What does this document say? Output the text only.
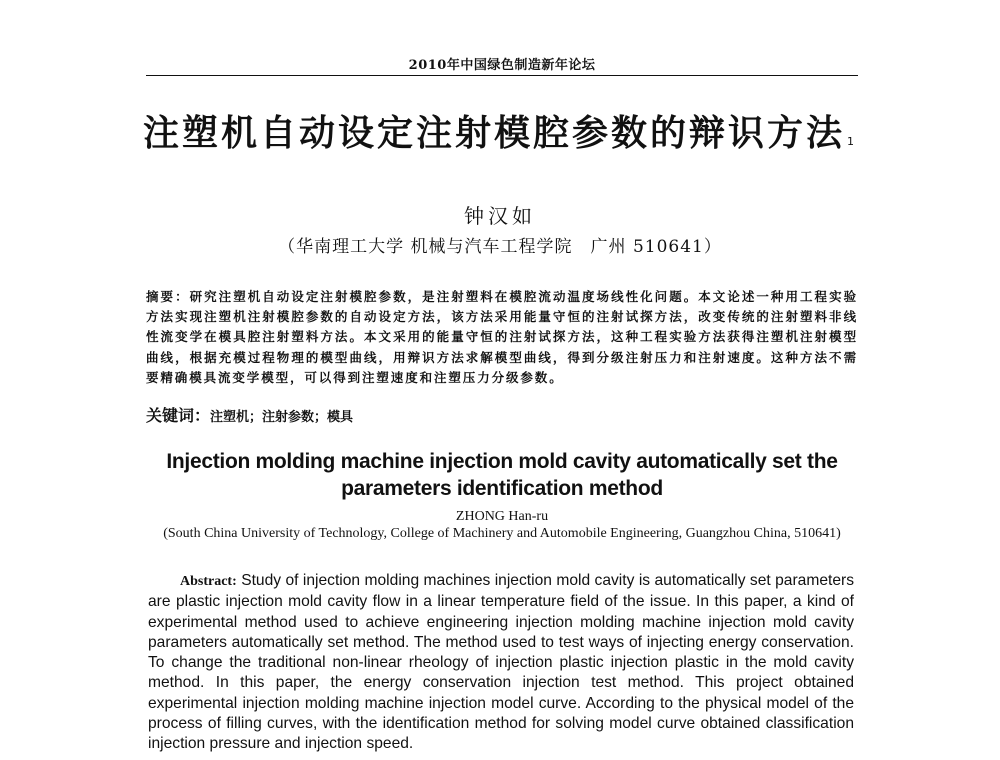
2010年中国绿色制造新年论坛
注塑机自动设定注射模腔参数的辩识方法 $^1$
钟汉如
（华南理工大学 机械与汽车工程学院　广州 510641）
摘要：研究注塑机自动设定注射模腔参数，是注射塑料在模腔流动温度场线性化问题。本文论述一种用工程实验方法实现注塑机注射模腔参数的自动设定方法，该方法采用能量守恒的注射试探方法，改变传统的注射塑料非线性流变学在模具腔注射塑料方法。本文采用的能量守恒的注射试探方法，这种工程实验方法获得注塑机注射模型曲线，根据充模过程物理的模型曲线，用辩识方法求解模型曲线，得到分级注射压力和注射速度。这种方法不需要精确模具流变学模型，可以得到注塑速度和注塑压力分级参数。
关键词：注塑机；注射参数；模具
Injection molding machine injection mold cavity automatically set the parameters identification method
ZHONG Han-ru
(South China University of Technology, College of Machinery and Automobile Engineering, Guangzhou China, 510641)
Abstract: Study of injection molding machines injection mold cavity is automatically set parameters are plastic injection mold cavity flow in a linear temperature field of the issue. In this paper, a kind of experimental method used to achieve engineering injection molding machine injection mold cavity parameters automatically set method. The method used to test ways of injecting energy conservation. To change the traditional non-linear rheology of injection plastic injection plastic in the mold cavity method. In this paper, the energy conservation injection test method. This project obtained experimental injection molding machine injection model curve. According to the physical model of the process of filling curves, with the identification method for solving model curve obtained classification injection pressure and injection speed.
